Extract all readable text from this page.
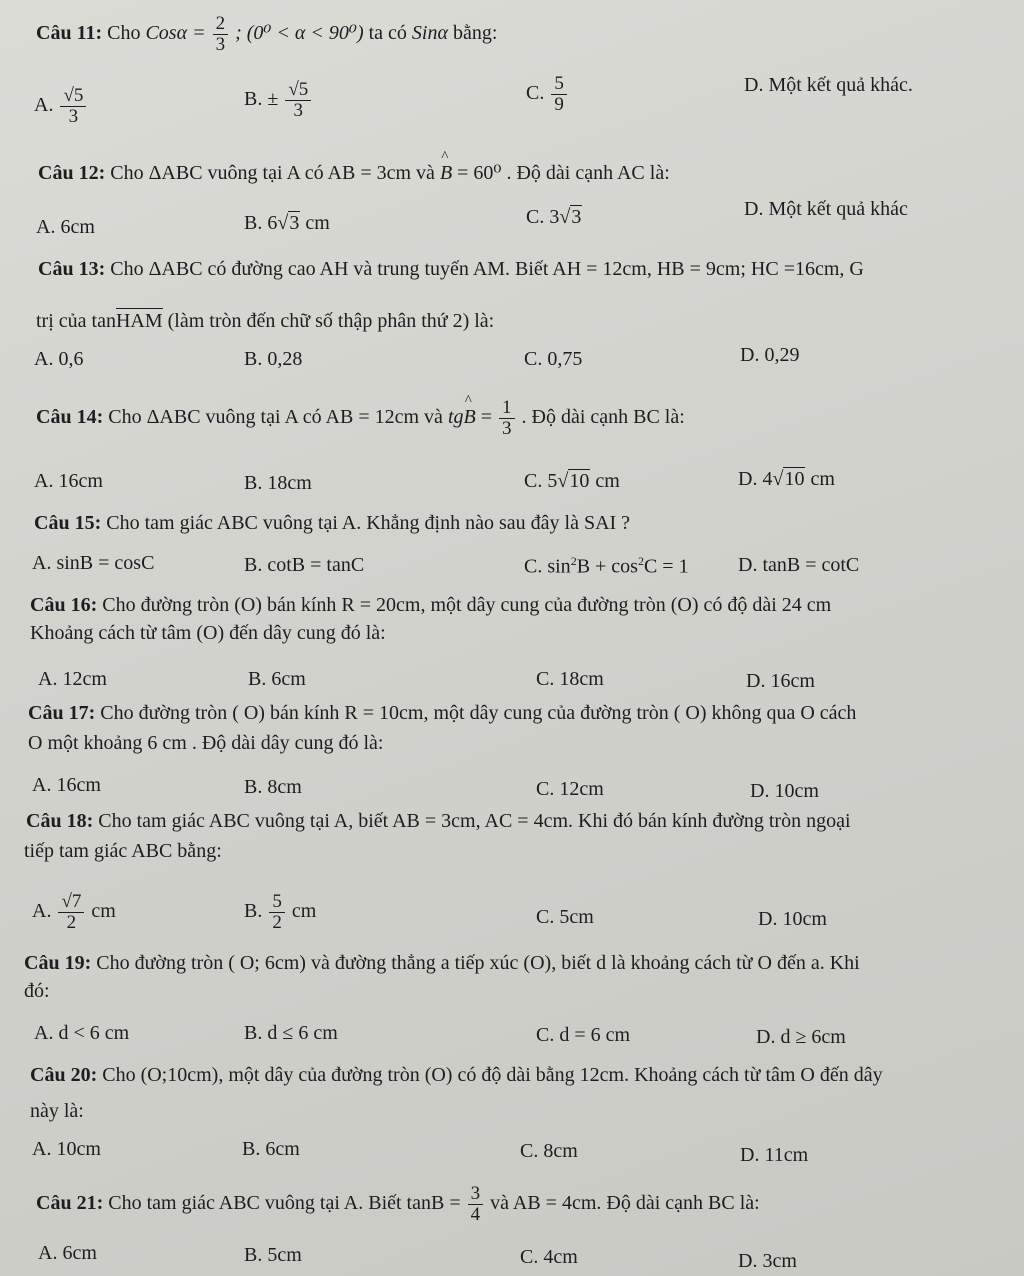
Câu 11: Cho $Cos\alpha = \frac{2}{3}$ ; (0⁰ < α < 90⁰) ta có Sinα bằng:
A. $\frac{√5}{3}$	B. ± $\frac{√5}{3}$	C. $\frac{5}{9}$	D. Một kết quả khác.
Câu 12: Cho ΔABC vuông tại A có AB = 3cm và ^ B = 60⁰ . Độ dài cạnh AC là:
A. 6cm	B. 6√3 cm	C. 3√3	D. Một kết quả khác
Câu 13: Cho ΔABC có đường cao AH và trung tuyến AM. Biết AH = 12cm, HB = 9cm; HC =16cm, G
trị của tanHAM (làm tròn đến chữ số thập phân thứ 2) là:
A. 0,6	B. 0,28	C. 0,75	D. 0,29
Câu 14: Cho ΔABC vuông tại A có AB = 12cm và tg^ $B = \frac{1}{3}$ . Độ dài cạnh BC là:
A. 16cm	B. 18cm	C. 5√10 cm	D. 4√10 cm
Câu 15: Cho tam giác ABC vuông tại A. Khẳng định nào sau đây là SAI ?
A. sinB = cosC	B. cotB = tanC	C. $\sin^2B + \cos^2C = 1$ D. tanB = cotC
Câu 16: Cho đường tròn (O) bán kính R = 20cm, một dây cung của đường tròn (O) có độ dài 24 cm
Khoảng cách từ tâm (O) đến dây cung đó là:
A. 12cm	B. 6cm	C. 18cm	D. 16cm
Câu 17: Cho đường tròn ( O) bán kính R = 10cm, một dây cung của đường tròn ( O) không qua O cách
O một khoảng 6 cm . Độ dài dây cung đó là:
A. 16cm	B. 8cm	C. 12cm	D. 10cm
Câu 18: Cho tam giác ABC vuông tại A, biết AB = 3cm, AC = 4cm. Khi đó bán kính đường tròn ngoại
tiếp tam giác ABC bằng:
A. $\frac{√7}{2}$ cm	B. $\frac{5}{2}$ cm	C. 5cm	D. 10cm
Câu 19: Cho đường tròn ( O; 6cm) và đường thẳng a tiếp xúc (O), biết d là khoảng cách từ O đến a. Khi
đó:
A. d < 6 cm	B. d ≤ 6 cm	C. d = 6 cm	D. d ≥ 6cm
Câu 20: Cho (O;10cm), một dây của đường tròn (O) có độ dài bằng 12cm. Khoảng cách từ tâm O đến dây
này là:
A. 10cm	B. 6cm	C. 8cm	D. 11cm
Câu 21: Cho tam giác ABC vuông tại A. Biết $\tan B = \frac{3}{4}$ và AB = 4cm. Độ dài cạnh BC là:
A. 6cm	B. 5cm	C. 4cm	D. 3cm
